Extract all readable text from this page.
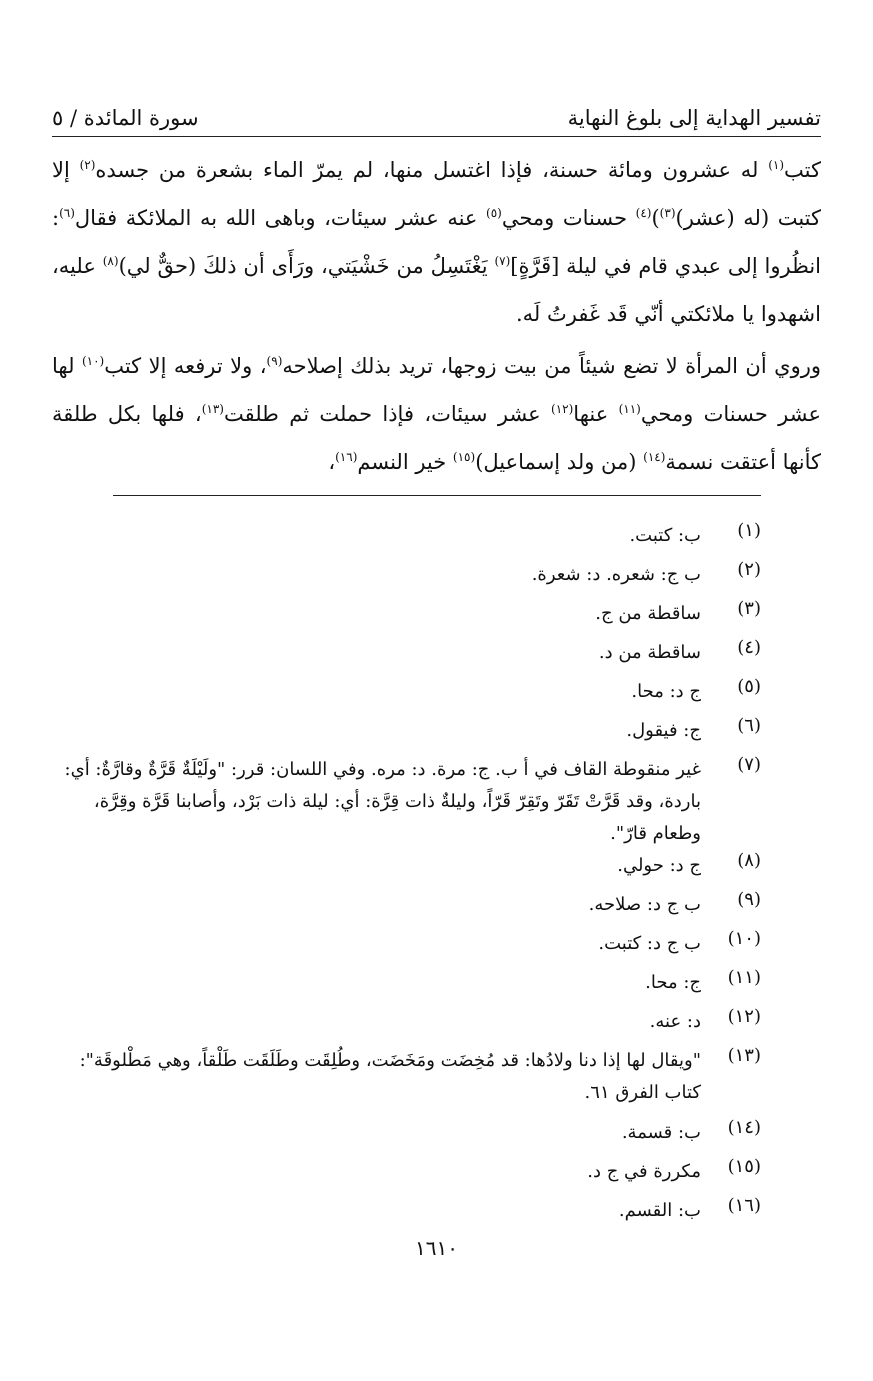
تفسير الهداية إلى بلوغ النهاية
سورة المائدة / ٥

كتب$^{(١)}$ له عشرون ومائة حسنة، فإذا اغتسل منها، لم يمرّ الماء بشعرة من جسده$^{(٢)}$ إلا كتبت (له (عشر)$^{(٣)}$)$^{(٤)}$ حسنات ومحي$^{(٥)}$ عنه عشر سيئات، وباهى الله به الملائكة فقال$^{(٦)}$: انظُروا إلى عبدي قام في ليلة [قَرَّةٍ]$^{(٧)}$ يَغْتَسِلُ من خَشْيَتي، ورَأَى أن ذلكَ (حقٌّ لي)$^{(٨)}$ عليه، اشهدوا يا ملائكتي أنّي قَد غَفرتُ لَه.

وروي أن المرأة لا تضع شيئاً من بيت زوجها، تريد بذلك إصلاحه$^{(٩)}$، ولا ترفعه إلا كتب$^{(١٠)}$ لها عشر حسنات ومحي$^{(١١)}$ عنها$^{(١٢)}$ عشر سيئات، فإذا حملت ثم طلقت$^{(١٣)}$، فلها بكل طلقة كأنها أعتقت نسمة$^{(١٤)}$ (من ولد إسماعيل)$^{(١٥)}$ خير النسم$^{(١٦)}$،

(١)
ب: كتبت.
(٢)
ب ج: شعره. د: شعرة.
(٣)
ساقطة من ج.
(٤)
ساقطة من د.
(٥)
ج د: محا.
(٦)
ج: فيقول.
(٧)
غير منقوطة القاف في أ ب. ج: مرة. د: مره. وفي اللسان: قرر: "ولَيْلَةٌ قَرَّةٌ وقارَّةٌ: أي: باردة، وقد قَرَّتْ تَقَرّ وتَقِرّ قَرّاً، وليلةٌ ذات قِرَّة: أي: ليلة ذات بَرْد، وأصابنا قَرَّة وقِرَّة، وطعام قارّ".
(٨)
ج د: حولي.
(٩)
ب ج د: صلاحه.
(١٠)
ب ج د: كتبت.
(١١)
ج: محا.
(١٢)
د: عنه.
(١٣)
"ويقال لها إذا دنا ولادُها: قد مُخِضَت ومَخَضَت، وطُلِقَت وطَلَقَت طَلْقاً، وهي مَطْلوقَة": كتاب الفرق ٦١.
(١٤)
ب: قسمة.
(١٥)
مكررة في ج د.
(١٦)
ب: القسم.
١٦١٠
